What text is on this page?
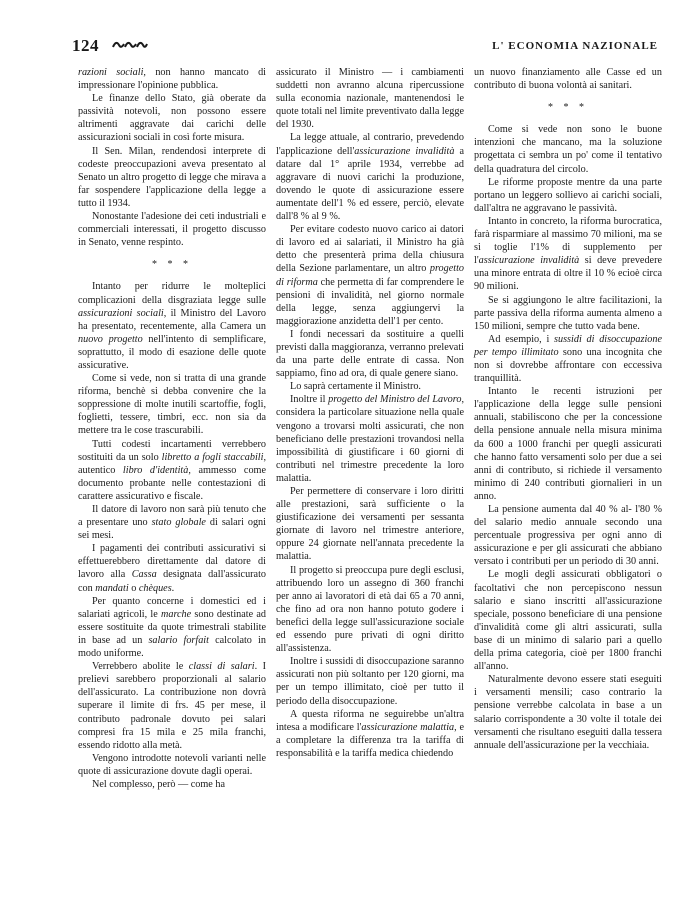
124	L' ECONOMIA NAZIONALE

razioni sociali, non hanno mancato di impressionare l'opinione pubblica.

Le finanze dello Stato, già oberate da passività notevoli, non possono essere altrimenti aggravate dai carichi delle assicurazioni sociali in così forte misura.

Il Sen. Milan, rendendosi interprete di codeste preoccupazioni aveva presentato al Senato un altro progetto di legge che mirava a far sospendere l'applicazione della legge a tutto il 1934.

Nonostante l'adesione dei ceti industriali e commerciali interessati, il progetto discusso in Senato, venne respinto.

* * *

Intanto per ridurre le molteplici complicazioni della disgraziata legge sulle assicurazioni sociali, il Ministro del Lavoro ha presentato, recentemente, alla Camera un nuovo progetto nell'intento di semplificare, soprattutto, il modo di esazione delle quote assicurative.

Come si vede, non si tratta di una grande riforma, benchè si debba convenire che la soppressione di molte inutili scartoffie, fogli, foglietti, tessere, timbri, ecc. non sia da mettere tra le cose trascurabili.

Tutti codesti incartamenti verrebbero sostituiti da un solo libretto a fogli staccabili, autentico libro d'identità, ammesso come documento probante nelle contestazioni di carattere assicurativo e fiscale.

Il datore di lavoro non sarà più tenuto che a presentare uno stato globale di salari ogni sei mesi.

I pagamenti dei contributi assicurativi si effettuerebbero direttamente dal datore di lavoro alla Cassa designata dall'assicurato con mandati o chèques.

Per quanto concerne i domestici ed i salariati agricoli, le marche sono destinate ad essere sostituite da quote trimestrali stabilite in base ad un salario forfait calcolato in modo uniforme.

Verrebbero abolite le classi di salari. I prelievi sarebbero proporzionali al salario dell'assicurato. La contribuzione non dovrà superare il limite di frs. 45 per mese, il contributo padronale dovuto pei salari compresi fra 15 mila e 25 mila franchi, essendo ridotto alla metà.

Vengono introdotte notevoli varianti nelle quote di assicurazione dovute dagli operai.

Nel complesso, però — come ha

assicurato il Ministro — i cambiamenti suddetti non avranno alcuna ripercussione sulla economia nazionale, mantenendosi le quote totali nel limite preventivato dalla legge del 1930.

La legge attuale, al contrario, prevedendo l'applicazione dell'assicurazione invalidità a datare dal 1° aprile 1934, verrebbe ad aggravare di nuovi carichi la produzione, dovendo le quote di assicurazione essere aumentate dell'1 % ed essere, perciò, elevate dall'8 % al 9 %.

Per evitare codesto nuovo carico ai datori di lavoro ed ai salariati, il Ministro ha già detto che presenterà prima della chiusura della Sezione parlamentare, un altro progetto di riforma che permetta di far comprendere le pensioni di invalidità, nel giorno normale della legge, senza aggiungervi la maggiorazione anzidetta dell'1 per cento.

I fondi necessari da sostituire a quelli previsti dalla maggioranza, verranno prelevati da una parte delle entrate di cassa. Non sappiamo, fino ad ora, di quale genere siano.

Lo saprà certamente il Ministro.

Inoltre il progetto del Ministro del Lavoro, considera la particolare situazione nella quale vengono a trovarsi molti assicurati, che non beneficiano delle prestazioni trovandosi nella impossibilità di giustificare i 60 giorni di contributi nel trimestre precedente la loro malattia.

Per permettere di conservare i loro diritti alle prestazioni, sarà sufficiente o la giustificazione dei versamenti per sessanta giornate di lavoro nel trimestre anteriore, oppure 24 giornate nell'annata precedente la malattia.

Il progetto si preoccupa pure degli esclusi, attribuendo loro un assegno di 360 franchi per anno ai lavoratori di età dai 65 a 70 anni, che fino ad ora non hanno potuto godere i benefici della legge sull'assicurazione sociale ed essendo pure privati di ogni diritto all'assistenza.

Inoltre i sussidi di disoccupazione saranno assicurati non più soltanto per 120 giorni, ma per un tempo illimitato, cioè per tutto il periodo della disoccupazione.

A questa riforma ne seguirebbe un'altra intesa a modificare l'assicurazione malattia, e a completare la differenza tra la tariffa di responsabilità e la tariffa medica chiedendo

un nuovo finanziamento alle Casse ed un contributo di buona volontà ai sanitari.

* * *

Come si vede non sono le buone intenzioni che mancano, ma la soluzione progettata ci sembra un po' come il tentativo della quadratura del circolo.

Le riforme proposte mentre da una parte portano un leggero sollievo ai carichi sociali, dall'altra ne aggravano le passività.

Intanto in concreto, la riforma burocratica, farà risparmiare al massimo 70 milioni, ma se si toglie l'1% di supplemento per l'assicurazione invalidità si deve prevedere una minore entrata di oltre il 10 % ecioè circa 90 milioni.

Se si aggiungono le altre facilitazioni, la parte passiva della riforma aumenta almeno a 150 milioni, sempre che tutto vada bene.

Ad esempio, i sussidi di disoccupazione per tempo illimitato sono una incognita che non si dovrebbe affrontare con eccessiva tranquillità.

Intanto le recenti istruzioni per l'applicazione della legge sulle pensioni annuali, stabiliscono che per la concessione della pensione annuale nella misura minima da 600 a 1000 franchi per quegli assicurati che hanno fatto versamenti solo per due a sei anni di contributo, si richiede il versamento minimo di 240 contributi giornalieri in un anno.

La pensione aumenta dal 40 % al- l'80 % del salario medio annuale secondo una percentuale progressiva per ogni anno di assicurazione e per gli assicurati che abbiano versato i contributi per un periodo di 30 anni.

Le mogli degli assicurati obbligatori o facoltativi che non percepiscono nessun salario e siano inscritti all'assicurazione speciale, possono beneficiare di una pensione d'invalidità come gli altri assicurati, sulla base di un minimo di salario pari a quello della prima categoria, cioè per 1800 franchi all'anno.

Naturalmente devono essere stati eseguiti i versamenti mensili; caso contrario la pensione verrebbe calcolata in base a un salario corrispondente a 30 volte il totale dei versamenti che risultano eseguiti dalla tessera annuale dell'assicurazione per la vecchiaia.
